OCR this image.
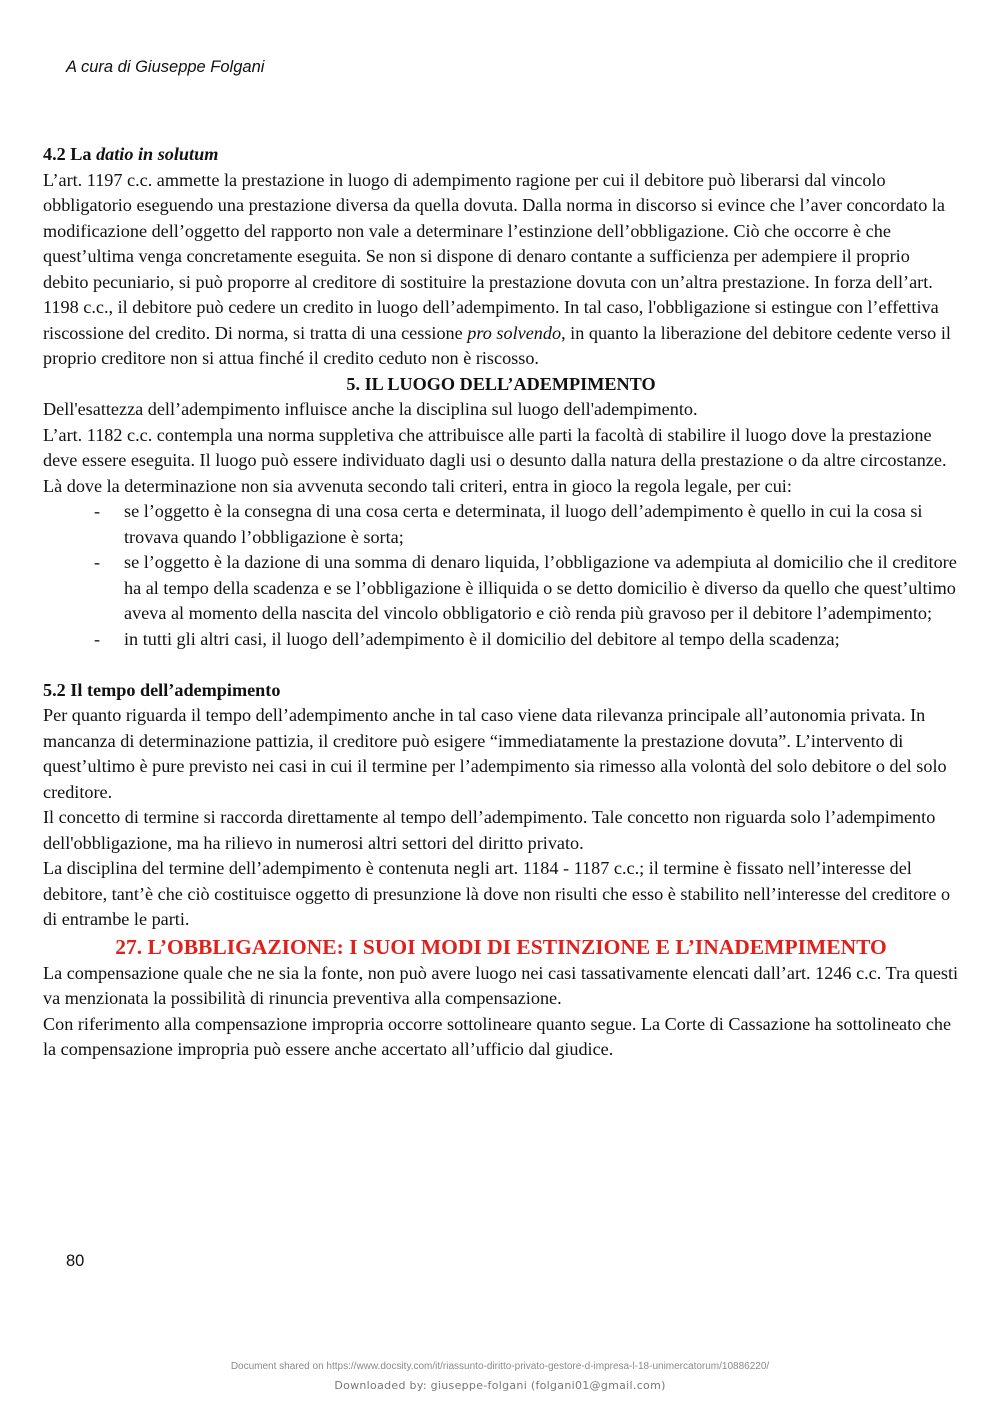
A cura di Giuseppe Folgani

4.2 La datio in solutum

L’art. 1197 c.c. ammette la prestazione in luogo di adempimento ragione per cui il debitore può liberarsi dal vincolo obbligatorio eseguendo una prestazione diversa da quella dovuta. Dalla norma in discorso si evince che l’aver concordato la modificazione dell’oggetto del rapporto non vale a determinare l’estinzione dell’obbligazione. Ciò che occorre è che quest’ultima venga concretamente eseguita. Se non si dispone di denaro contante a sufficienza per adempiere il proprio debito pecuniario, si può proporre al creditore di sostituire la prestazione dovuta con un’altra prestazione. In forza dell’art. 1198 c.c., il debitore può cedere un credito in luogo dell’adempimento. In tal caso, l'obbligazione si estingue con l’effettiva riscossione del credito. Di norma, si tratta di una cessione pro solvendo, in quanto la liberazione del debitore cedente verso il proprio creditore non si attua finché il credito ceduto non è riscosso.

5. IL LUOGO DELL’ADEMPIMENTO

Dell'esattezza dell’adempimento influisce anche la disciplina sul luogo dell'adempimento.

L’art. 1182 c.c. contempla una norma suppletiva che attribuisce alle parti la facoltà di stabilire il luogo dove la prestazione deve essere eseguita. Il luogo può essere individuato dagli usi o desunto dalla natura della prestazione o da altre circostanze. Là dove la determinazione non sia avvenuta secondo tali criteri, entra in gioco la regola legale, per cui:

- se l’oggetto è la consegna di una cosa certa e determinata, il luogo dell’adempimento è quello in cui la cosa si trovava quando l’obbligazione è sorta;
- se l’oggetto è la dazione di una somma di denaro liquida, l’obbligazione va adempiuta al domicilio che il creditore ha al tempo della scadenza e se l’obbligazione è illiquida o se detto domicilio è diverso da quello che quest’ultimo aveva al momento della nascita del vincolo obbligatorio e ciò renda più gravoso per il debitore l’adempimento;
- in tutti gli altri casi, il luogo dell’adempimento è il domicilio del debitore al tempo della scadenza;

5.2 Il tempo dell’adempimento

Per quanto riguarda il tempo dell’adempimento anche in tal caso viene data rilevanza principale all’autonomia privata. In mancanza di determinazione pattizia, il creditore può esigere “immediatamente la prestazione dovuta”. L’intervento di quest’ultimo è pure previsto nei casi in cui il termine per l’adempimento sia rimesso alla volontà del solo debitore o del solo creditore.

Il concetto di termine si raccorda direttamente al tempo dell’adempimento. Tale concetto non riguarda solo l’adempimento dell'obbligazione, ma ha rilievo in numerosi altri settori del diritto privato.

La disciplina del termine dell’adempimento è contenuta negli art. 1184 - 1187 c.c.; il termine è fissato nell’interesse del debitore, tant’è che ciò costituisce oggetto di presunzione là dove non risulti che esso è stabilito nell’interesse del creditore o di entrambe le parti.

27. L’OBBLIGAZIONE: I SUOI MODI DI ESTINZIONE E L’INADEMPIMENTO

La compensazione quale che ne sia la fonte, non può avere luogo nei casi tassativamente elencati dall’art. 1246 c.c. Tra questi va menzionata la possibilità di rinuncia preventiva alla compensazione.

Con riferimento alla compensazione impropria occorre sottolineare quanto segue. La Corte di Cassazione ha sottolineato che la compensazione impropria può essere anche accertato all’ufficio dal giudice.

80
Document shared on https://www.docsity.com/it/riassunto-diritto-privato-gestore-d-impresa-l-18-unimercatorum/10886220/
Downloaded by: giuseppe-folgani (folgani01@gmail.com)
